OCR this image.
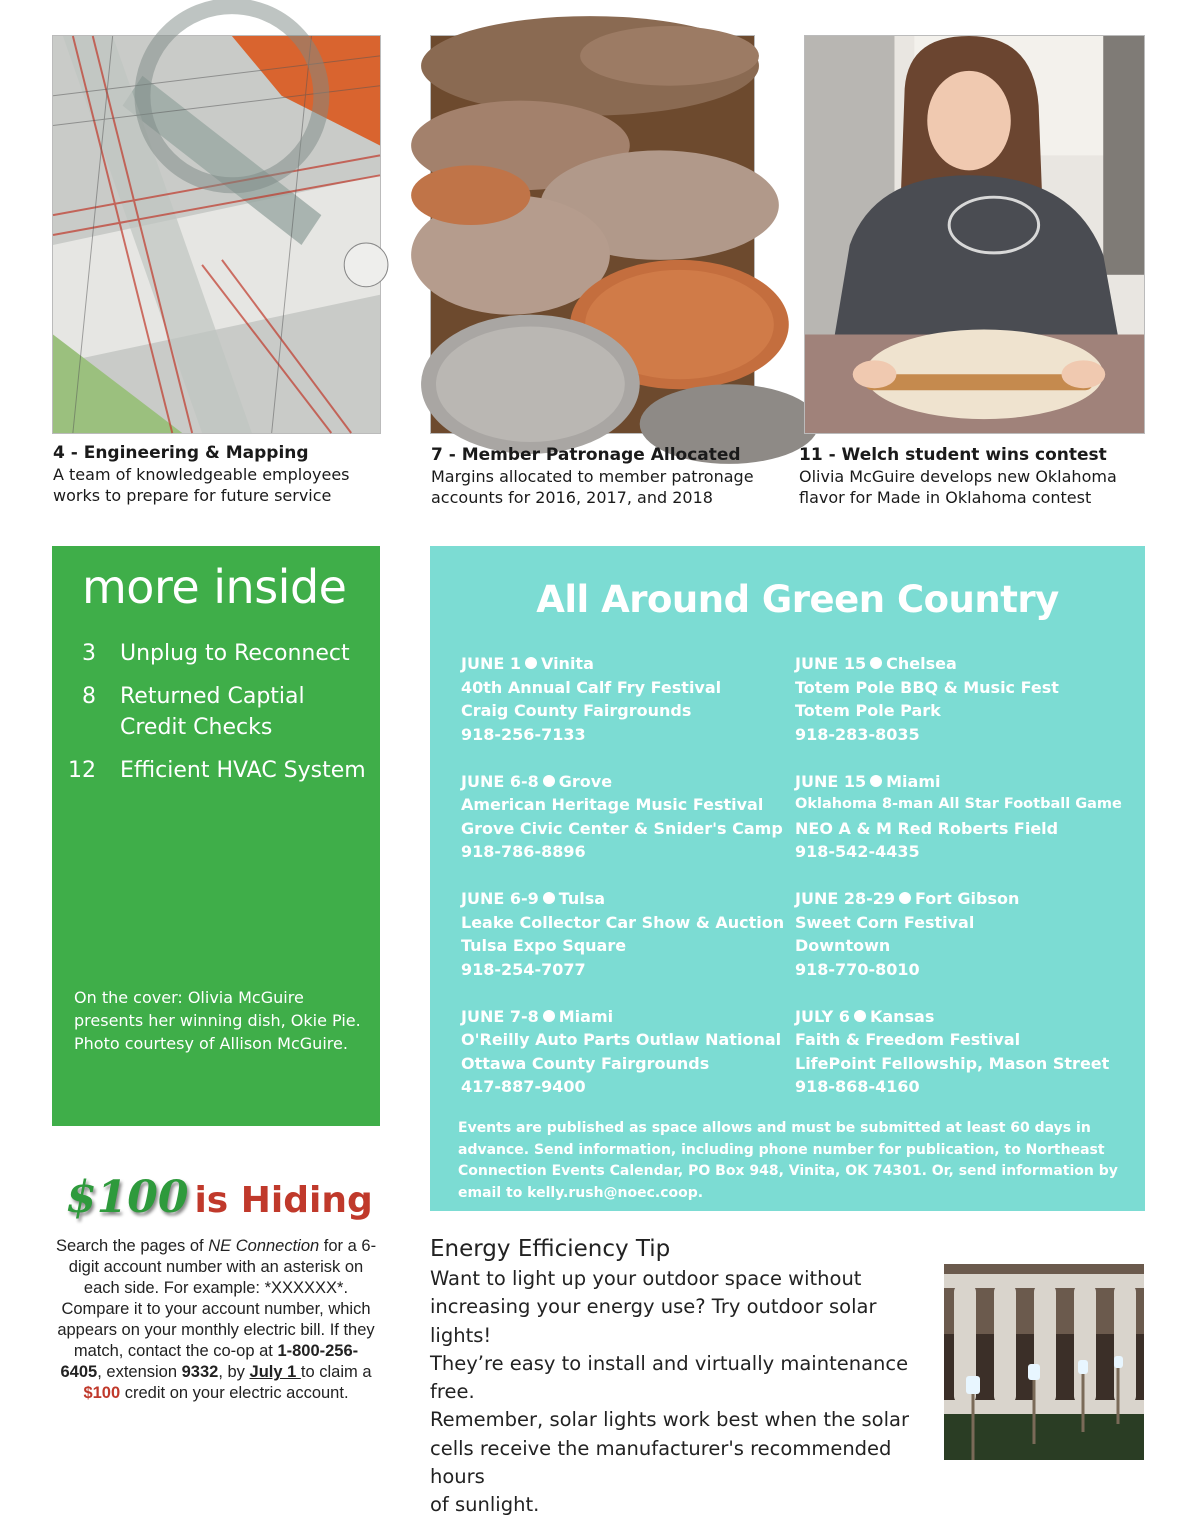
4 - Engineering & Mapping
A team of knowledgeable employees
works to prepare for future service
7 - Member Patronage Allocated
Margins allocated to member patronage
accounts for 2016, 2017, and 2018
11 - Welch student wins contest
Olivia McGuire develops new Oklahoma
flavor for Made in Oklahoma contest
more inside
3 Unplug to Reconnect
8 Returned Captial
Credit Checks
12 Efficient HVAC System
On the cover: Olivia McGuire presents her winning dish, Okie Pie. Photo courtesy of Allison McGuire.
All Around Green Country
JUNE 1 Vinita
40th Annual Calf Fry Festival
Craig County Fairgrounds
918-256-7133
JUNE 6-8 Grove
American Heritage Music Festival
Grove Civic Center & Snider's Camp
918-786-8896
JUNE 6-9 Tulsa
Leake Collector Car Show & Auction
Tulsa Expo Square
918-254-7077
JUNE 7-8 Miami
O'Reilly Auto Parts Outlaw National
Ottawa County Fairgrounds
417-887-9400
JUNE 15 Chelsea
Totem Pole BBQ & Music Fest
Totem Pole Park
918-283-8035
JUNE 15 Miami
Oklahoma 8-man All Star Football Game
NEO A & M Red Roberts Field
918-542-4435
JUNE 28-29 Fort Gibson
Sweet Corn Festival
Downtown
918-770-8010
JULY 6 Kansas
Faith & Freedom Festival
LifePoint Fellowship, Mason Street
918-868-4160
Events are published as space allows and must be submitted at least 60 days in advance. Send information, including phone number for publication, to Northeast Connection Events Calendar, PO Box 948, Vinita, OK 74301. Or, send information by email to kelly.rush@noec.coop.
$100 is Hiding
Search the pages of NE Connection for a 6-digit account number with an asterisk on each side. For example: *XXXXXX*. Compare it to your account number, which appears on your monthly electric bill. If they match, contact the co-op at 1-800-256-6405, extension 9332, by July 1 to claim a $100 credit on your electric account.
Energy Efficiency Tip
Want to light up your outdoor space without
increasing your energy use? Try outdoor solar lights!
They’re easy to install and virtually maintenance free.
Remember, solar lights work best when the solar
cells receive the manufacturer's recommended hours
of sunlight.
